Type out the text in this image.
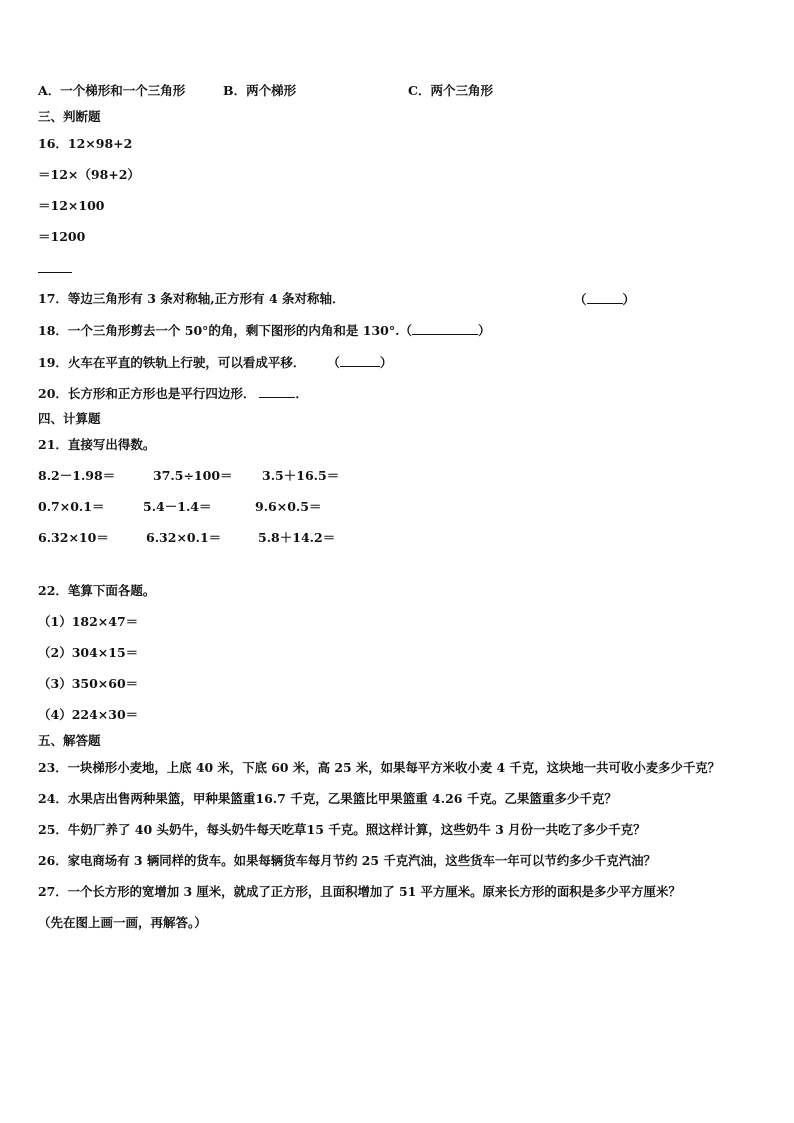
A．一个梯形和一个三角形	B．两个梯形	C．两个三角形
三、判断题
16．12×98+2
＝12×（98+2）
＝12×100
＝1200
17．等边三角形有 3 条对称轴,正方形有 4 条对称轴．	（	）
18．一个三角形剪去一个 50°的角，剩下图形的内角和是 130°.（	）
19．火车在平直的铁轨上行驶，可以看成平移． （	）
20．长方形和正方形也是平行四边形．	．
四、计算题
21．直接写出得数。
8.2－1.98＝	37.5÷100＝ 3.5＋16.5＝
0.7×0.1＝	5.4－1.4＝	9.6×0.5＝
6.32×10＝	6.32×0.1＝	5.8＋14.2＝
22．笔算下面各题。
（1）182×47＝
（2）304×15＝
（3）350×60＝
（4）224×30＝
五、解答题
23．一块梯形小麦地，上底 40 米，下底 60 米，高 25 米，如果每平方米收小麦 4 千克，这块地一共可收小麦多少千克？
24．水果店出售两种果篮，甲种果篮重16.7 千克，乙果篮比甲果篮重 4.26 千克。乙果篮重多少千克？
25．牛奶厂养了 40 头奶牛，每头奶牛每天吃草15 千克。照这样计算，这些奶牛 3 月份一共吃了多少千克？
26．家电商场有 3 辆同样的货车。如果每辆货车每月节约 25 千克汽油，这些货车一年可以节约多少千克汽油？
27．一个长方形的宽增加 3 厘米，就成了正方形，且面积增加了 51 平方厘米。原来长方形的面积是多少平方厘米？
（先在图上画一画，再解答。）
